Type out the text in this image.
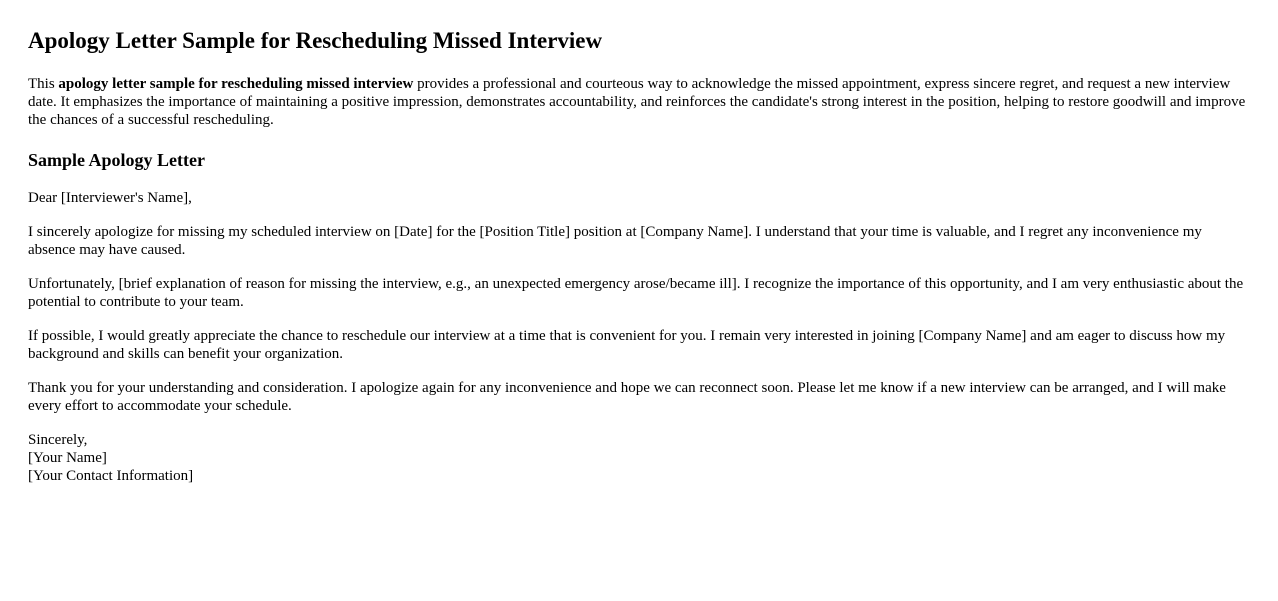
Apology Letter Sample for Rescheduling Missed Interview

This apology letter sample for rescheduling missed interview provides a professional and courteous way to acknowledge the missed appointment, express sincere regret, and request a new interview date. It emphasizes the importance of maintaining a positive impression, demonstrates accountability, and reinforces the candidate's strong interest in the position, helping to restore goodwill and improve the chances of a successful rescheduling.

Sample Apology Letter

Dear [Interviewer's Name],

I sincerely apologize for missing my scheduled interview on [Date] for the [Position Title] position at [Company Name]. I understand that your time is valuable, and I regret any inconvenience my absence may have caused.

Unfortunately, [brief explanation of reason for missing the interview, e.g., an unexpected emergency arose/became ill]. I recognize the importance of this opportunity, and I am very enthusiastic about the potential to contribute to your team.

If possible, I would greatly appreciate the chance to reschedule our interview at a time that is convenient for you. I remain very interested in joining [Company Name] and am eager to discuss how my background and skills can benefit your organization.

Thank you for your understanding and consideration. I apologize again for any inconvenience and hope we can reconnect soon. Please let me know if a new interview can be arranged, and I will make every effort to accommodate your schedule.

Sincerely,
[Your Name]
[Your Contact Information]
